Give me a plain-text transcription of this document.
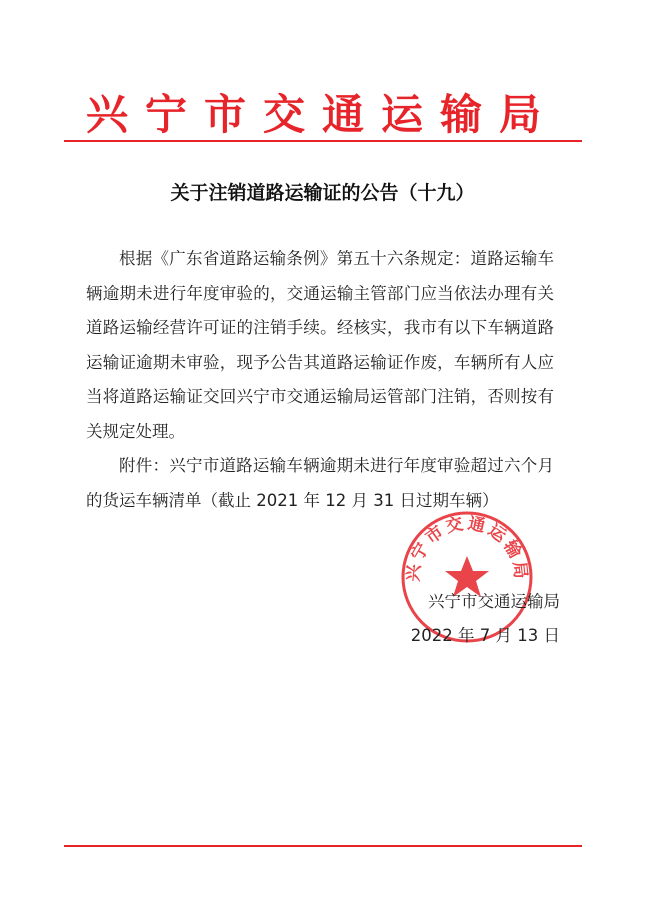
兴宁市交通运输局
关于注销道路运输证的公告（十九）

根据《广东省道路运输条例》第五十六条规定：道路运输车辆逾期未进行年度审验的，交通运输主管部门应当依法办理有关道路运输经营许可证的注销手续。经核实，我市有以下车辆道路运输证逾期未审验，现予公告其道路运输证作废，车辆所有人应当将道路运输证交回兴宁市交通运输局运管部门注销，否则按有关规定处理。

附件：兴宁市道路运输车辆逾期未进行年度审验超过六个月的货运车辆清单（截止 2021 年 12 月 31 日过期车辆）

兴宁市交通运输局
兴宁市交通运输局
2022 年 7 月 13 日
